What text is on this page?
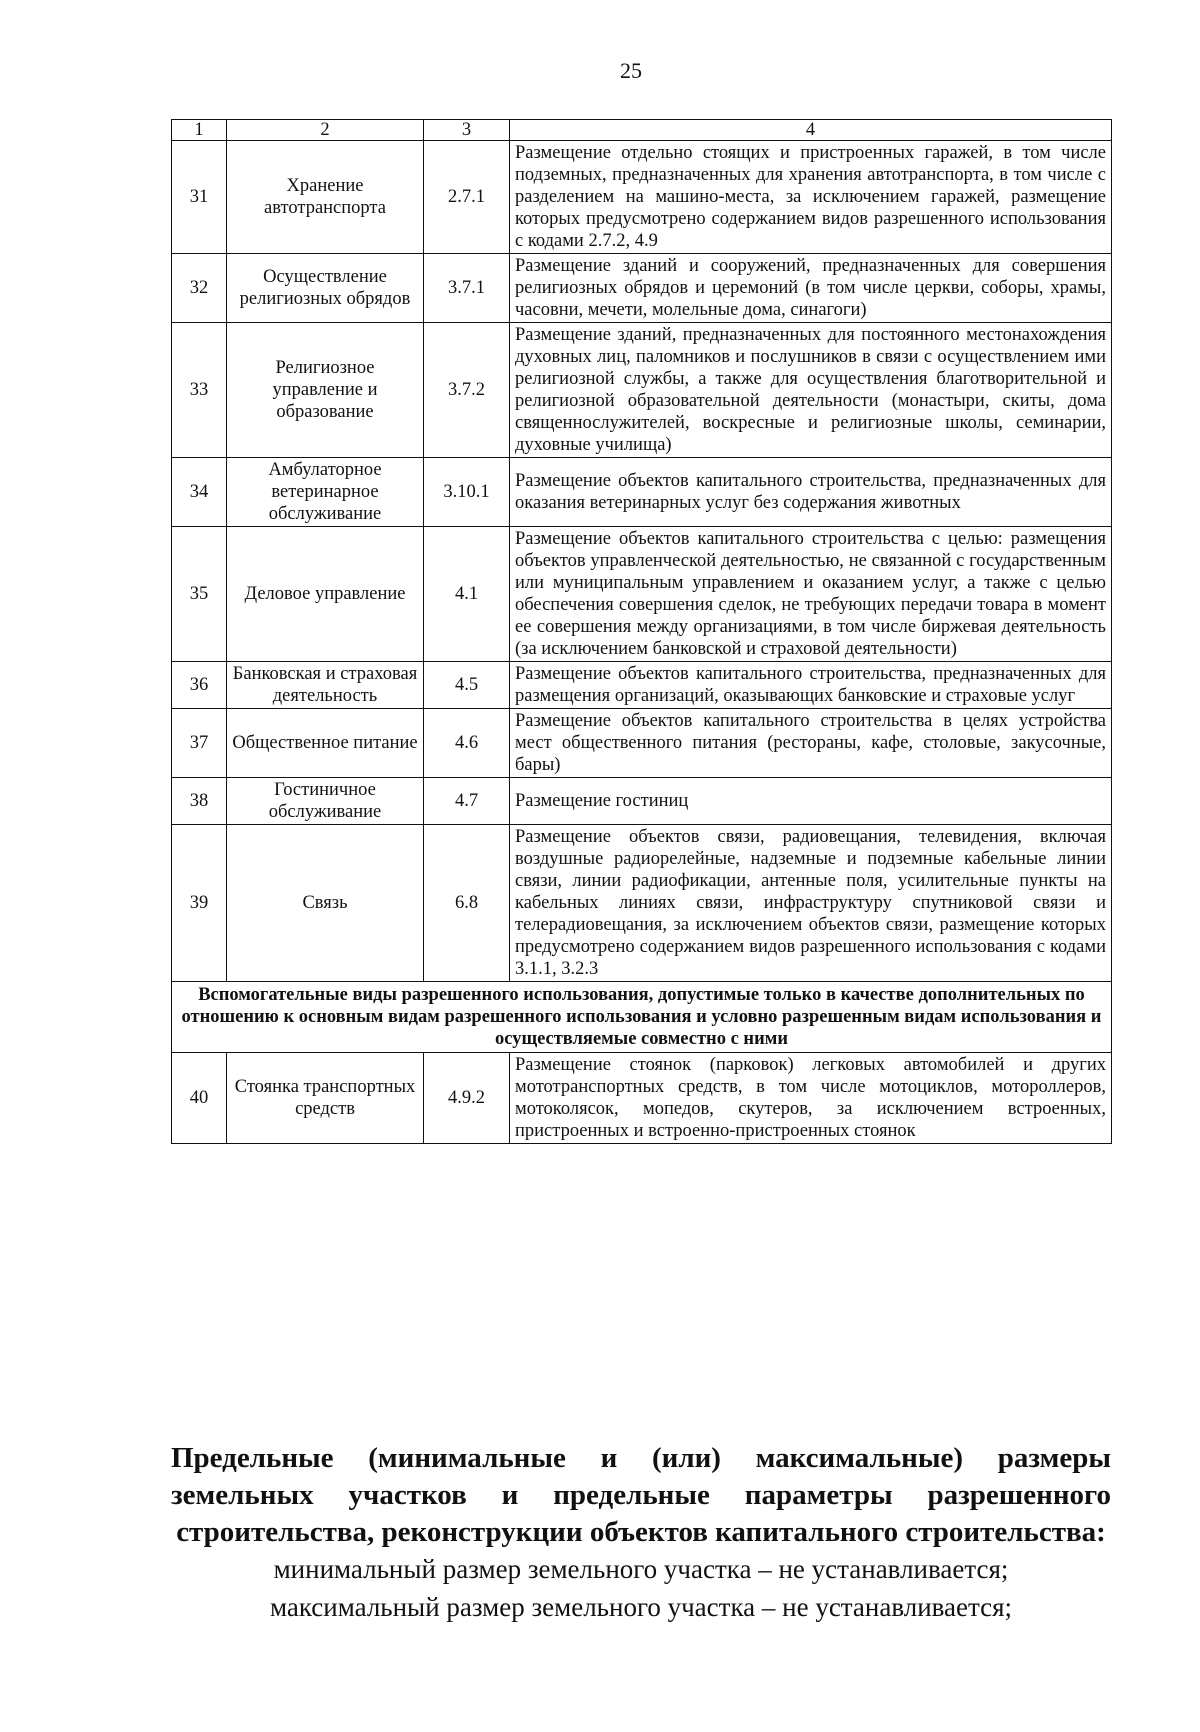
25
1	2	3	4
31	Хранение автотранспорта	2.7.1	Размещение отдельно стоящих и пристроенных гаражей, в том числе подземных, предназначенных для хранения автотранспорта, в том числе с разделением на машино-места, за исключением гаражей, размещение которых предусмотрено содержанием видов разрешенного использования с кодами 2.7.2, 4.9
32	Осуществление религиозных обрядов	3.7.1	Размещение зданий и сооружений, предназначенных для совершения религиозных обрядов и церемоний (в том числе церкви, соборы, храмы, часовни, мечети, молельные дома, синагоги)
33	Религиозное управление и образование	3.7.2	Размещение зданий, предназначенных для постоянного местонахождения духовных лиц, паломников и послушников в связи с осуществлением ими религиозной службы, а также для осуществления благотворительной и религиозной образовательной деятельности (монастыри, скиты, дома священнослужителей, воскресные и религиозные школы, семинарии, духовные училища)
34	Амбулаторное ветеринарное обслуживание	3.10.1	Размещение объектов капитального строительства, предназначенных для оказания ветеринарных услуг без содержания животных
35	Деловое управление	4.1	Размещение объектов капитального строительства с целью: размещения объектов управленческой деятельностью, не связанной с государственным или муниципальным управлением и оказанием услуг, а также с целью обеспечения совершения сделок, не требующих передачи товара в момент ее совершения между организациями, в том числе биржевая деятельность (за исключением банковской и страховой деятельности)
36	Банковская и страховая деятельность	4.5	Размещение объектов капитального строительства, предназначенных для размещения организаций, оказывающих банковские и страховые услуг
37	Общественное питание	4.6	Размещение объектов капитального строительства в целях устройства мест общественного питания (рестораны, кафе, столовые, закусочные, бары)
38	Гостиничное обслуживание	4.7	Размещение гостиниц
39	Связь	6.8	Размещение объектов связи, радиовещания, телевидения, включая воздушные радиорелейные, надземные и подземные кабельные линии связи, линии радиофикации, антенные поля, усилительные пункты на кабельных линиях связи, инфраструктуру спутниковой связи и телерадиовещания, за исключением объектов связи, размещение которых предусмотрено содержанием видов разрешенного использования с кодами 3.1.1, 3.2.3
Вспомогательные виды разрешенного использования, допустимые только в качестве дополнительных по отношению к основным видам разрешенного использования и условно разрешенным видам использования и осуществляемые совместно с ними			
40	Стоянка транспортных средств	4.9.2	Размещение стоянок (парковок) легковых автомобилей и других мототранспортных средств, в том числе мотоциклов, мотороллеров, мотоколясок, мопедов, скутеров, за исключением встроенных, пристроенных и встроенно-пристроенных стоянок

Предельные (минимальные и (или) максимальные) размеры земельных участков и предельные параметры разрешенного строительства, реконструкции объектов капитального строительства:

минимальный размер земельного участка – не устанавливается;
максимальный размер земельного участка – не устанавливается;
